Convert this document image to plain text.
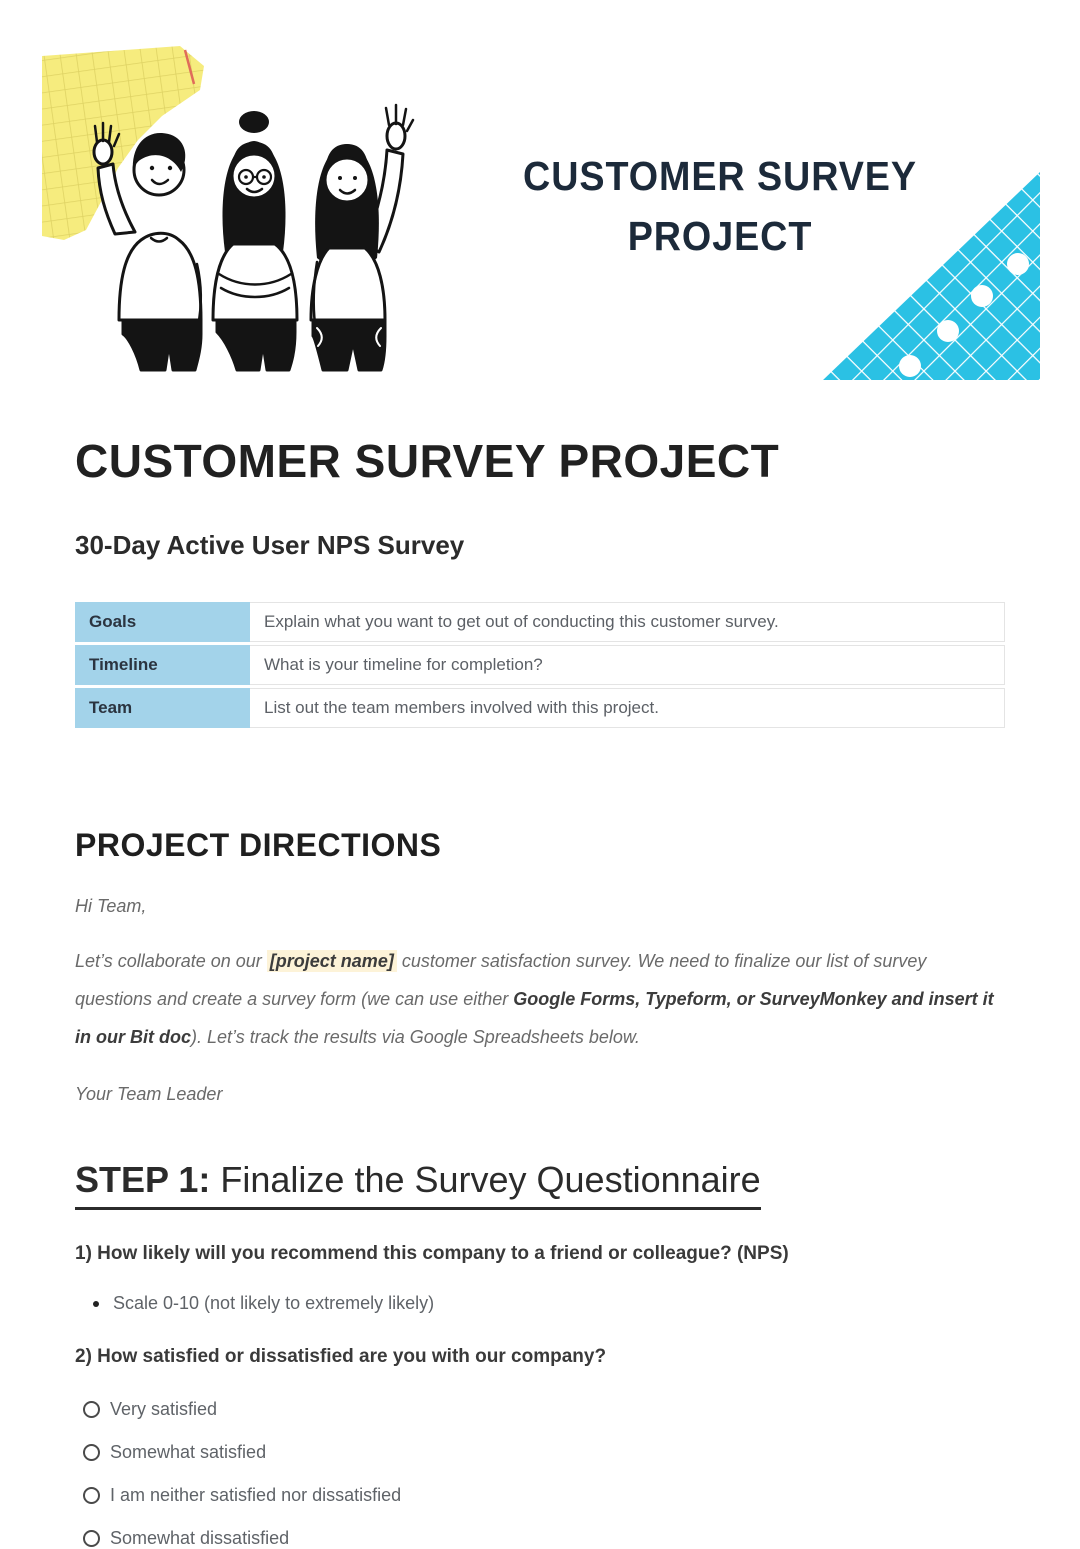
CUSTOMER SURVEY
PROJECT
CUSTOMER SURVEY PROJECT
30-Day Active User NPS Survey
Goals	Explain what you want to get out of conducting this customer survey.
Timeline	What is your timeline for completion?
Team	List out the team members involved with this project.
PROJECT DIRECTIONS

Hi Team,

Let’s collaborate on our [project name] customer satisfaction survey. We need to finalize our list of survey questions and create a survey form (we can use either Google Forms, Typeform, or SurveyMonkey and insert it in our Bit doc). Let’s track the results via Google Spreadsheets below.

Your Team Leader

STEP 1: Finalize the Survey Questionnaire
1) How likely will you recommend this company to a friend or colleague? (NPS)
Scale 0-10 (not likely to extremely likely)
2) How satisfied or dissatisfied are you with our company?
Very satisfied
Somewhat satisfied
I am neither satisfied nor dissatisfied
Somewhat dissatisfied
